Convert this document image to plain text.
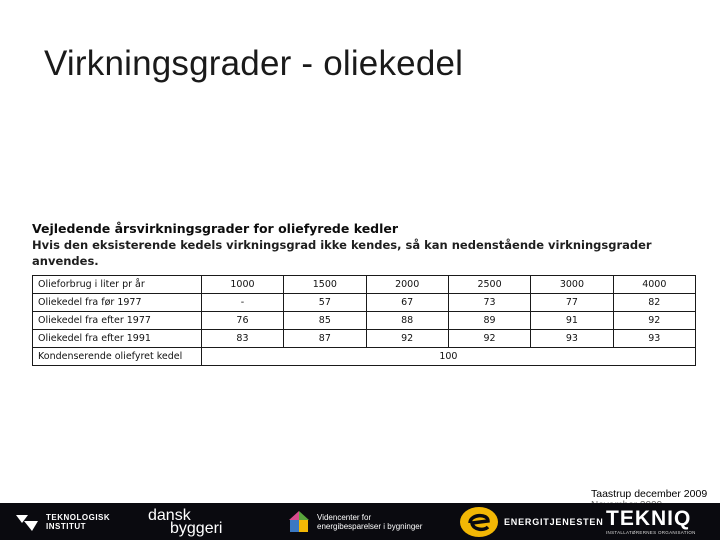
Virkningsgrader - oliekedel
Vejledende årsvirkningsgrader for oliefyrede kedler
Hvis den eksisterende kedels virkningsgrad ikke kendes, så kan nedenstående virkningsgrader anvendes.
Olieforbrug i liter pr år	1000	1500	2000	2500	3000	4000
Oliekedel fra før 1977	-	57	67	73	77	82
Oliekedel fra efter 1977	76	85	88	89	91	92
Oliekedel fra efter 1991	83	87	92	92	93	93
Kondenserende oliefyret kedel	100					
Taastrup december 2009
TEKNOLOGISK
INSTITUT
dansk
byggeri
Videncenter for
energibesparelser i bygninger	ENERGITJENESTEN TEKNIQ
INSTALLATØRERNES ORGANISATION
